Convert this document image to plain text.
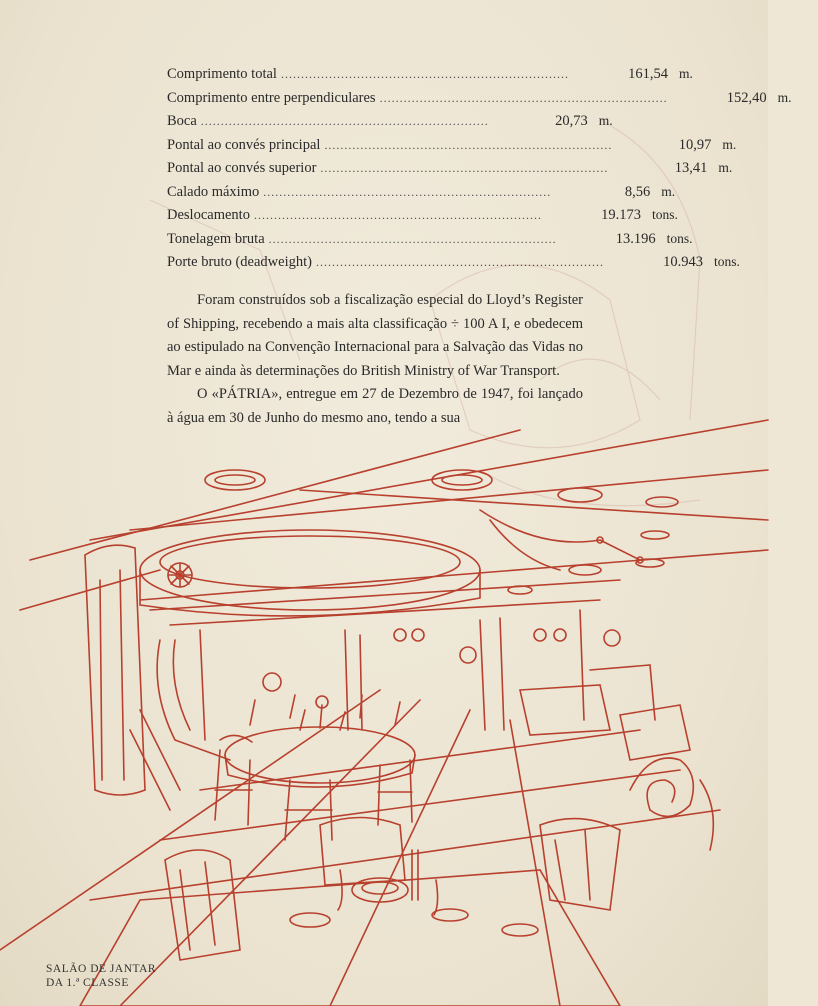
Comprimento total ........................................................................	161,54 m.
Comprimento entre perpendiculares ........................................................................	152,40 m.
Boca ........................................................................	20,73 m.
Pontal ao convés principal ........................................................................	10,97 m.
Pontal ao convés superior ........................................................................	13,41 m.
Calado máximo ........................................................................	8,56 m.
Deslocamento ........................................................................	19.173 tons.
Tonelagem bruta ........................................................................	13.196 tons.
Porte bruto (deadweight) ........................................................................	10.943 tons.

Foram construídos sob a fiscalização especial do Lloyd’s Register of Shipping, recebendo a mais alta classificação ÷ 100 A I, e obedecem ao estipulado na Convenção Internacional para a Salvação das Vidas no Mar e ainda às determinações do British Ministry of War Transport.

O «PÁTRIA», entregue em 27 de Dezembro de 1947, foi lançado à água em 30 de Junho do mesmo ano, tendo a sua

SALÃO DE JANTAR
DA 1.ª CLASSE
